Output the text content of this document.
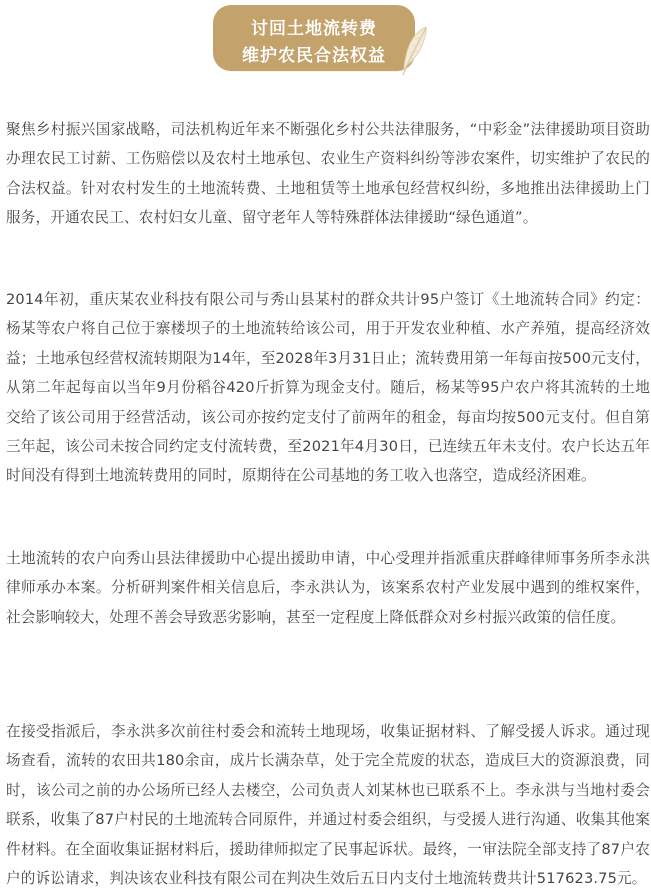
讨回土地流转费
维护农民合法权益

聚焦乡村振兴国家战略，司法机构近年来不断强化乡村公共法律服务，“中彩金”法律援助项目资助办理农民工讨薪、工伤赔偿以及农村土地承包、农业生产资料纠纷等涉农案件，切实维护了农民的合法权益。针对农村发生的土地流转费、土地租赁等土地承包经营权纠纷，多地推出法律援助上门服务，开通农民工、农村妇女儿童、留守老年人等特殊群体法律援助“绿色通道”。

2014年初，重庆某农业科技有限公司与秀山县某村的群众共计95户签订《土地流转合同》约定：杨某等农户将自己位于寨楼坝子的土地流转给该公司，用于开发农业种植、水产养殖，提高经济效益；土地承包经营权流转期限为14年，至2028年3月31日止；流转费用第一年每亩按500元支付，从第二年起每亩以当年9月份稻谷420斤折算为现金支付。随后，杨某等95户农户将其流转的土地交给了该公司用于经营活动，该公司亦按约定支付了前两年的租金，每亩均按500元支付。但自第三年起，该公司未按合同约定支付流转费，至2021年4月30日，已连续五年未支付。农户长达五年时间没有得到土地流转费用的同时，原期待在公司基地的务工收入也落空，造成经济困难。

土地流转的农户向秀山县法律援助中心提出援助申请，中心受理并指派重庆群峰律师事务所李永洪律师承办本案。分析研判案件相关信息后，李永洪认为，该案系农村产业发展中遇到的维权案件，社会影响较大，处理不善会导致恶劣影响，甚至一定程度上降低群众对乡村振兴政策的信任度。

在接受指派后，李永洪多次前往村委会和流转土地现场，收集证据材料、了解受援人诉求。通过现场查看，流转的农田共180余亩，成片长满杂草，处于完全荒废的状态，造成巨大的资源浪费，同时，该公司之前的办公场所已经人去楼空，公司负责人刘某林也已联系不上。李永洪与当地村委会联系，收集了87户村民的土地流转合同原件，并通过村委会组织，与受援人进行沟通、收集其他案件材料。在全面收集证据材料后，援助律师拟定了民事起诉状。最终，一审法院全部支持了87户农户的诉讼请求，判决该农业科技有限公司在判决生效后五日内支付土地流转费共计517623.75元。
